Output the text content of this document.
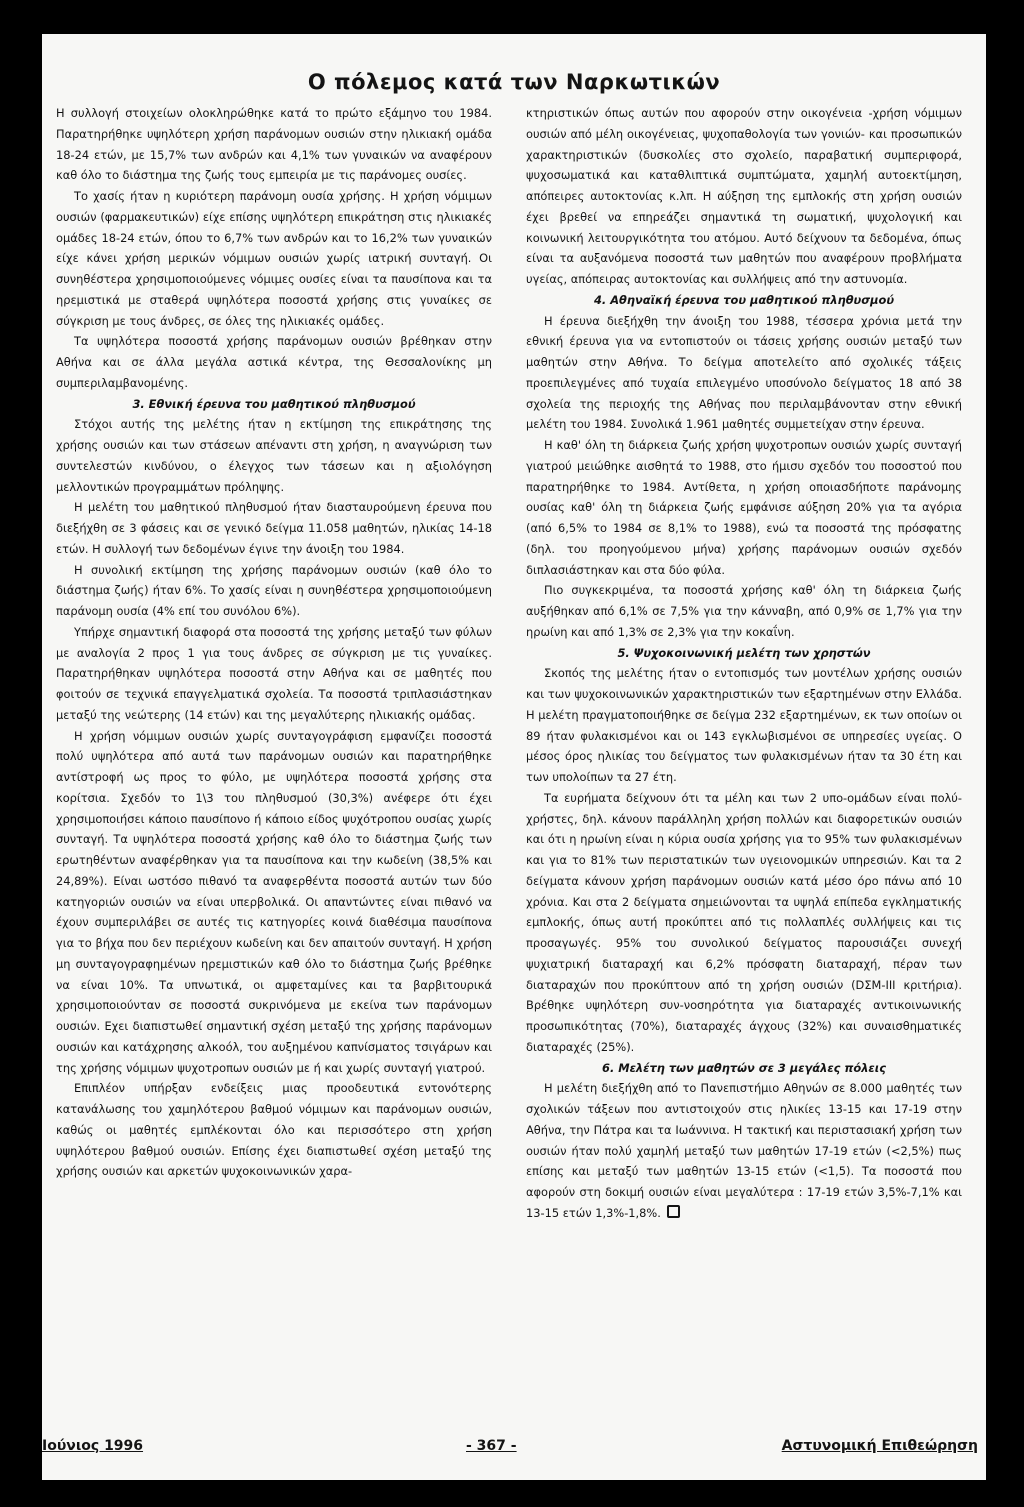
Ο πόλεμος κατά των Ναρκωτικών

Η συλλογή στοιχείων ολοκληρώθηκε κατά το πρώτο εξάμηνο του 1984. Παρατηρήθηκε υψηλότερη χρήση παράνομων ουσιών στην ηλικιακή ομάδα 18-24 ετών, με 15,7% των ανδρών και 4,1% των γυναικών να αναφέρουν καθ όλο το διάστημα της ζωής τους εμπειρία με τις παράνομες ουσίες.

Το χασίς ήταν η κυριότερη παράνομη ουσία χρήσης. Η χρήση νόμιμων ουσιών (φαρμακευτικών) είχε επίσης υψηλότερη επικράτηση στις ηλικιακές ομάδες 18-24 ετών, όπου το 6,7% των ανδρών και το 16,2% των γυναικών είχε κάνει χρήση μερικών νόμιμων ουσιών χωρίς ιατρική συνταγή. Οι συνηθέστερα χρησιμοποιούμενες νόμιμες ουσίες είναι τα παυσίπονα και τα ηρεμιστικά με σταθερά υψηλότερα ποσοστά χρήσης στις γυναίκες σε σύγκριση με τους άνδρες, σε όλες της ηλικιακές ομάδες.

Τα υψηλότερα ποσοστά χρήσης παράνομων ουσιών βρέθηκαν στην Αθήνα και σε άλλα μεγάλα αστικά κέντρα, της Θεσσαλονίκης μη συμπεριλαμβανομένης.

3. Εθνική έρευνα του μαθητικού πληθυσμού

Στόχοι αυτής της μελέτης ήταν η εκτίμηση της επικράτησης της χρήσης ουσιών και των στάσεων απέναντι στη χρήση, η αναγνώριση των συντελεστών κινδύνου, ο έλεγχος των τάσεων και η αξιολόγηση μελλοντικών προγραμμάτων πρόληψης.

Η μελέτη του μαθητικού πληθυσμού ήταν διασταυρούμενη έρευνα που διεξήχθη σε 3 φάσεις και σε γενικό δείγμα 11.058 μαθητών, ηλικίας 14-18 ετών. Η συλλογή των δεδομένων έγινε την άνοιξη του 1984.

Η συνολική εκτίμηση της χρήσης παράνομων ουσιών (καθ όλο το διάστημα ζωής) ήταν 6%. Το χασίς είναι η συνηθέστερα χρησιμοποιούμενη παράνομη ουσία (4% επί του συνόλου 6%).

Υπήρχε σημαντική διαφορά στα ποσοστά της χρήσης μεταξύ των φύλων με αναλογία 2 προς 1 για τους άνδρες σε σύγκριση με τις γυναίκες. Παρατηρήθηκαν υψηλότερα ποσοστά στην Αθήνα και σε μαθητές που φοιτούν σε τεχνικά επαγγελματικά σχολεία. Τα ποσοστά τριπλασιάστηκαν μεταξύ της νεώτερης (14 ετών) και της μεγαλύτερης ηλικιακής ομάδας.

Η χρήση νόμιμων ουσιών χωρίς συνταγογράφιση εμφανίζει ποσοστά πολύ υψηλότερα από αυτά των παράνομων ουσιών και παρατηρήθηκε αντίστροφή ως προς το φύλο, με υψηλότερα ποσοστά χρήσης στα κορίτσια. Σχεδόν το 1\3 του πληθυσμού (30,3%) ανέφερε ότι έχει χρησιμοποιήσει κάποιο παυσίπονο ή κάποιο είδος ψυχότροπου ουσίας χωρίς συνταγή. Τα υψηλότερα ποσοστά χρήσης καθ όλο το διάστημα ζωής των ερωτηθέντων αναφέρθηκαν για τα παυσίπονα και την κωδείνη (38,5% και 24,89%). Είναι ωστόσο πιθανό τα αναφερθέντα ποσοστά αυτών των δύο κατηγοριών ουσιών να είναι υπερβολικά. Οι απαντώντες είναι πιθανό να έχουν συμπεριλάβει σε αυτές τις κατηγορίες κοινά διαθέσιμα παυσίπονα για το βήχα που δεν περιέχουν κωδείνη και δεν απαιτούν συνταγή. Η χρήση μη συνταγογραφημένων ηρεμιστικών καθ όλο το διάστημα ζωής βρέθηκε να είναι 10%. Τα υπνωτικά, οι αμφεταμίνες και τα βαρβιτουρικά χρησιμοποιούνταν σε ποσοστά συκρινόμενα με εκείνα των παράνομων ουσιών. Εχει διαπιστωθεί σημαντική σχέση μεταξύ της χρήσης παράνομων ουσιών και κατάχρησης αλκοόλ, του αυξημένου καπνίσματος τσιγάρων και της χρήσης νόμιμων ψυχοτροπων ουσιών με ή και χωρίς συνταγή γιατρού.

Επιπλέον υπήρξαν ενδείξεις μιας προοδευτικά εντονότερης κατανάλωσης του χαμηλότερου βαθμού νόμιμων και παράνομων ουσιών, καθώς οι μαθητές εμπλέκονται όλο και περισσότερο στη χρήση υψηλότερου βαθμού ουσιών. Επίσης έχει διαπιστωθεί σχέση μεταξύ της χρήσης ουσιών και αρκετών ψυχοκοινωνικών χαρα-

κτηριστικών όπως αυτών που αφορούν στην οικογένεια -χρήση νόμιμων ουσιών από μέλη οικογένειας, ψυχοπαθολογία των γονιών- και προσωπικών χαρακτηριστικών (δυσκολίες στο σχολείο, παραβατική συμπεριφορά, ψυχοσωματικά και καταθλιπτικά συμπτώματα, χαμηλή αυτοεκτίμηση, απόπειρες αυτοκτονίας κ.λπ. Η αύξηση της εμπλοκής στη χρήση ουσιών έχει βρεθεί να επηρεάζει σημαντικά τη σωματική, ψυχολογική και κοινωνική λειτουργικότητα του ατόμου. Αυτό δείχνουν τα δεδομένα, όπως είναι τα αυξανόμενα ποσοστά των μαθητών που αναφέρουν προβλήματα υγείας, απόπειρας αυτοκτονίας και συλλήψεις από την αστυνομία.

4. Αθηναϊκή έρευνα του μαθητικού πληθυσμού

Η έρευνα διεξήχθη την άνοιξη του 1988, τέσσερα χρόνια μετά την εθνική έρευνα για να εντοπιστούν οι τάσεις χρήσης ουσιών μεταξύ των μαθητών στην Αθήνα. Το δείγμα αποτελείτο από σχολικές τάξεις προεπιλεγμένες από τυχαία επιλεγμένο υποσύνολο δείγματος 18 από 38 σχολεία της περιοχής της Αθήνας που περιλαμβάνονταν στην εθνική μελέτη του 1984. Συνολικά 1.961 μαθητές συμμετείχαν στην έρευνα.

Η καθ' όλη τη διάρκεια ζωής χρήση ψυχοτροπων ουσιών χωρίς συνταγή γιατρού μειώθηκε αισθητά το 1988, στο ήμισυ σχεδόν του ποσοστού που παρατηρήθηκε το 1984. Αντίθετα, η χρήση οποιασδήποτε παράνομης ουσίας καθ' όλη τη διάρκεια ζωής εμφάνισε αύξηση 20% για τα αγόρια (από 6,5% το 1984 σε 8,1% το 1988), ενώ τα ποσοστά της πρόσφατης (δηλ. του προηγούμενου μήνα) χρήσης παράνομων ουσιών σχεδόν διπλασιάστηκαν και στα δύο φύλα.

Πιο συγκεκριμένα, τα ποσοστά χρήσης καθ' όλη τη διάρκεια ζωής αυξήθηκαν από 6,1% σε 7,5% για την κάνναβη, από 0,9% σε 1,7% για την ηρωίνη και από 1,3% σε 2,3% για την κοκαΐνη.

5. Ψυχοκοινωνική μελέτη των χρηστών

Σκοπός της μελέτης ήταν ο εντοπισμός των μοντέλων χρήσης ουσιών και των ψυχοκοινωνικών χαρακτηριστικών των εξαρτημένων στην Ελλάδα. Η μελέτη πραγματοποιήθηκε σε δείγμα 232 εξαρτημένων, εκ των οποίων οι 89 ήταν φυλακισμένοι και οι 143 εγκλωβισμένοι σε υπηρεσίες υγείας. Ο μέσος όρος ηλικίας του δείγματος των φυλακισμένων ήταν τα 30 έτη και των υπολοίπων τα 27 έτη.

Τα ευρήματα δείχνουν ότι τα μέλη και των 2 υπο-ομάδων είναι πολύ-χρήστες, δηλ. κάνουν παράλληλη χρήση πολλών και διαφορετικών ουσιών και ότι η ηρωίνη είναι η κύρια ουσία χρήσης για το 95% των φυλακισμένων και για το 81% των περιστατικών των υγειονομικών υπηρεσιών. Και τα 2 δείγματα κάνουν χρήση παράνομων ουσιών κατά μέσο όρο πάνω από 10 χρόνια. Και στα 2 δείγματα σημειώνονται τα υψηλά επίπεδα εγκληματικής εμπλοκής, όπως αυτή προκύπτει από τις πολλαπλές συλλήψεις και τις προσαγωγές. 95% του συνολικού δείγματος παρουσιάζει συνεχή ψυχιατρική διαταραχή και 6,2% πρόσφατη διαταραχή, πέραν των διαταραχών που προκύπτουν από τη χρήση ουσιών (DΣΜ-ΙΙΙ κριτήρια). Βρέθηκε υψηλότερη συν-νοσηρότητα για διαταραχές αντικοινωνικής προσωπικότητας (70%), διαταραχές άγχους (32%) και συναισθηματικές διαταραχές (25%).

6. Μελέτη των μαθητών σε 3 μεγάλες πόλεις

Η μελέτη διεξήχθη από το Πανεπιστήμιο Αθηνών σε 8.000 μαθητές των σχολικών τάξεων που αντιστοιχούν στις ηλικίες 13-15 και 17-19 στην Αθήνα, την Πάτρα και τα Ιωάννινα. Η τακτική και περιστασιακή χρήση των ουσιών ήταν πολύ χαμηλή μεταξύ των μαθητών 17-19 ετών (<2,5%) πως επίσης και μεταξύ των μαθητών 13-15 ετών (<1,5). Τα ποσοστά που αφορούν στη δοκιμή ουσιών είναι μεγαλύτερα : 17-19 ετών 3,5%-7,1% και 13-15 ετών 1,3%-1,8%.

Ιούνιος 1996	- 367 -	Αστυνομική Επιθεώρηση
